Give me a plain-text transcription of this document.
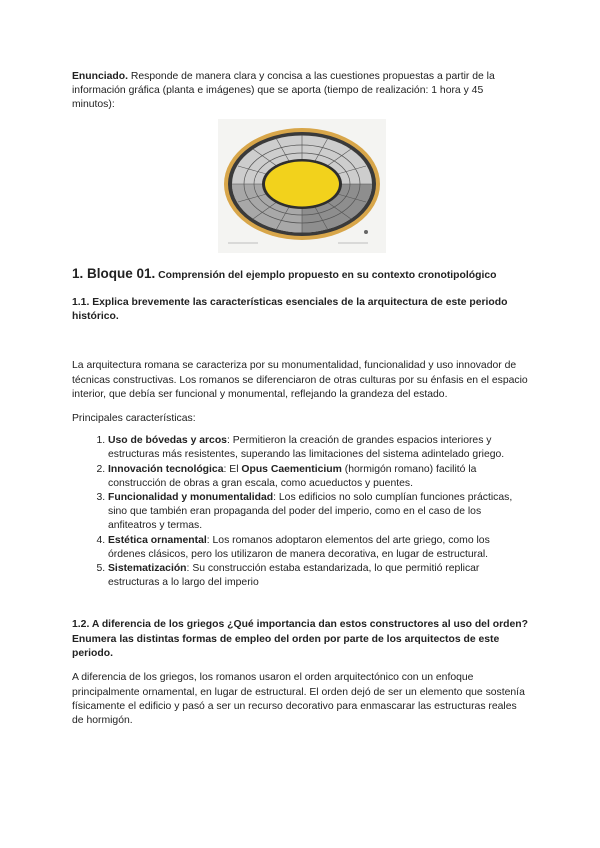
Enunciado. Responde de manera clara y concisa a las cuestiones propuestas a partir de la información gráfica (planta e imágenes) que se aporta (tiempo de realización: 1 hora y 45 minutos):

1. Bloque 01. Comprensión del ejemplo propuesto en su contexto cronotipológico

1.1. Explica brevemente las características esenciales de la arquitectura de este periodo histórico.

La arquitectura romana se caracteriza por su monumentalidad, funcionalidad y uso innovador de técnicas constructivas. Los romanos se diferenciaron de otras culturas por su énfasis en el espacio interior, que debía ser funcional y monumental, reflejando la grandeza del estado.

Principales características:

1. Uso de bóvedas y arcos: Permitieron la creación de grandes espacios interiores y estructuras más resistentes, superando las limitaciones del sistema adintelado griego.
2. Innovación tecnológica: El Opus Caementicium (hormigón romano) facilitó la construcción de obras a gran escala, como acueductos y puentes.
3. Funcionalidad y monumentalidad: Los edificios no solo cumplían funciones prácticas, sino que también eran propaganda del poder del imperio, como en el caso de los anfiteatros y termas.
4. Estética ornamental: Los romanos adoptaron elementos del arte griego, como los órdenes clásicos, pero los utilizaron de manera decorativa, en lugar de estructural.
5. Sistematización: Su construcción estaba estandarizada, lo que permitió replicar estructuras a lo largo del imperio

1.2. A diferencia de los griegos ¿Qué importancia dan estos constructores al uso del orden? Enumera las distintas formas de empleo del orden por parte de los arquitectos de este periodo.

A diferencia de los griegos, los romanos usaron el orden arquitectónico con un enfoque principalmente ornamental, en lugar de estructural. El orden dejó de ser un elemento que sostenía físicamente el edificio y pasó a ser un recurso decorativo para enmascarar las estructuras reales de hormigón.
